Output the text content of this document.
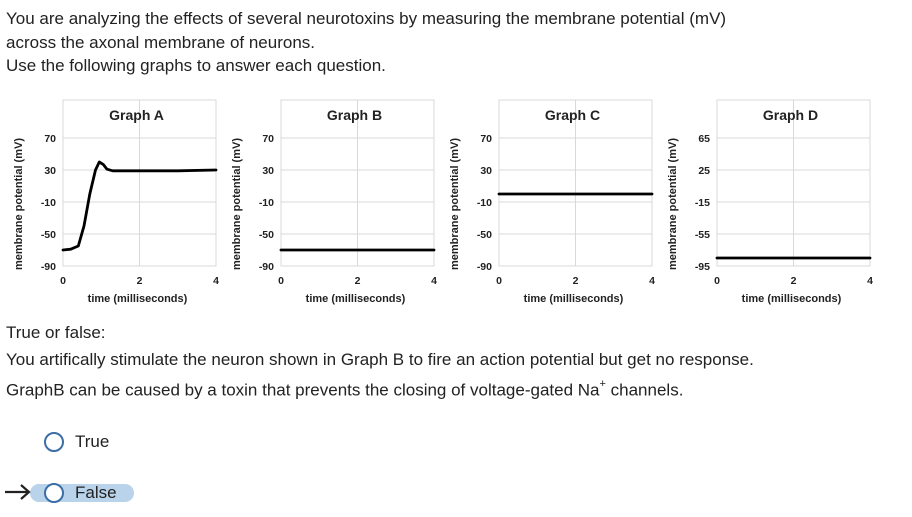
You are analyzing the effects of several neurotoxins by measuring the membrane potential (mV)
across the axonal membrane of neurons.
Use the following graphs to answer each question.
0	2	4
70
30
-10
-50
-90
Graph A
time (milliseconds)
membrane potential (mV)
0	2	4
70
30
-10
-50
-90
Graph B
time (milliseconds)
membrane potential (mV)
0	2	4
70
30
-10
-50
-90
Graph C
time (milliseconds)
membrane potential (mV)
0	2	4
65
25
-15
-55
-95
Graph D
time (milliseconds)
membrane potential (mV)
True or false:
You artifically stimulate the neuron shown in Graph B to fire an action potential but get no response.
GraphB can be caused by a toxin that prevents the closing of voltage-gated Na+ channels.
True
False
